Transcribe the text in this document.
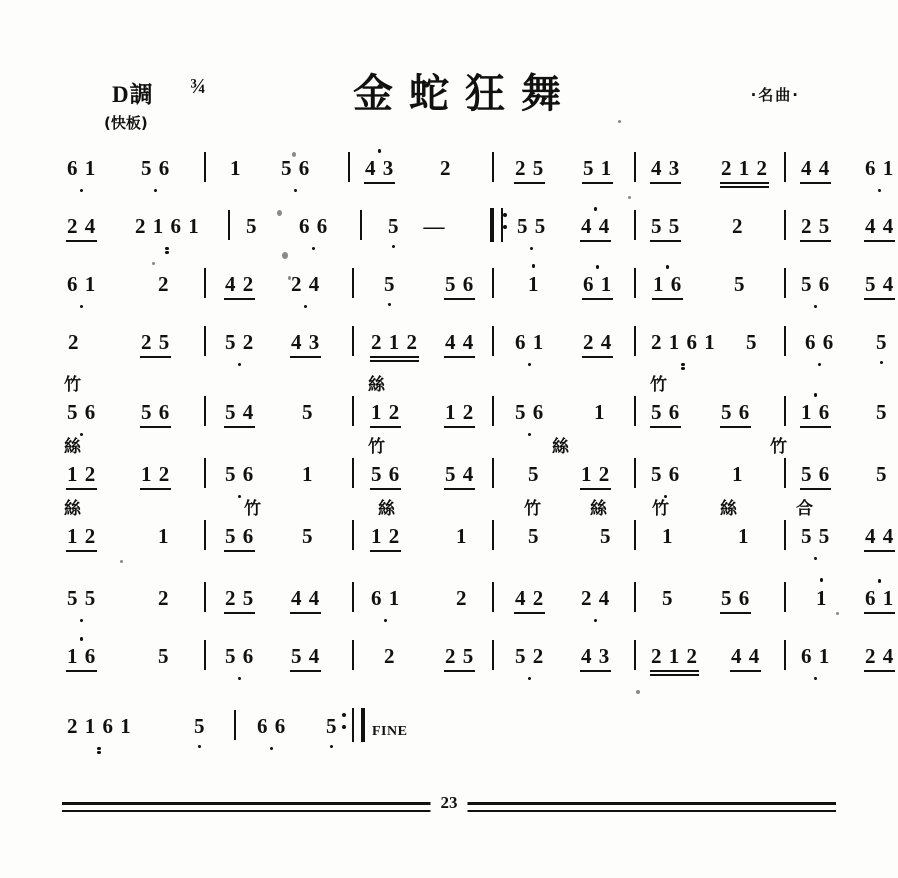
D調 ¾	金蛇狂舞	·名曲·
(快板)
6 1 5 6	1 5 6	4 3 2	2 5 5 1 4 3 2 1 2 4 4 6 1
2 4 2 1 6 1 5 6 6	5 —	5 5 4 4 5 5 2	2 5 4 4
6 1	2	4 2 2 4	5 5 6	1 6 1 1 6 5	5 6 5 4
2	2 5	5 2 4 3 2 1 2 4 4 6 1 2 4 2 1 6 1 5 6 6 5
竹	絲	竹
5 6 5 6	5 4 5	1 2 1 2 5 6 1 5 6 5 6 1 6 5
絲	竹	絲	竹
1 2 1 2	5 6 1	5 6 5 4	5 1 2 5 6 1	5 6 5
絲	竹	絲	竹	絲	竹	絲	合
1 2	1	5 6 5	1 2	1	5	5 1	1 5 5 4 4
5 5	2	2 5 4 4 6 1	2 4 2 2 4 5 5 6	1 6 1
1 6	5	5 6 5 4	2 2 5 5 2 4 3 2 1 2 4 4 6 1 2 4
2 1 6 1	5 6 6 5 FINE
23
